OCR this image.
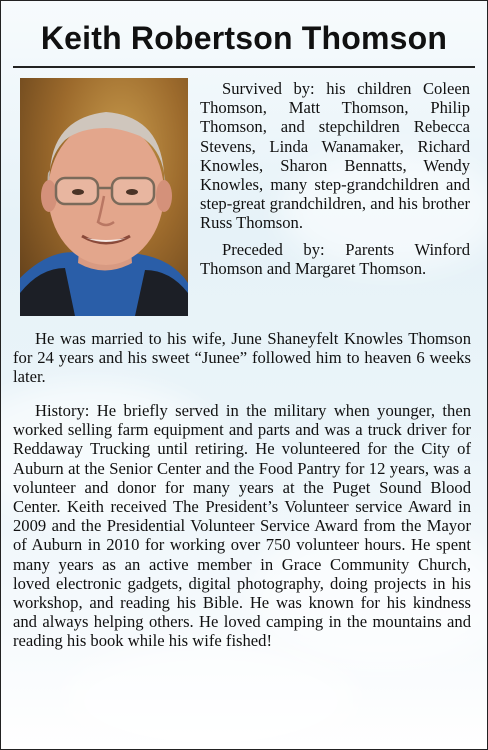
Keith Robertson Thomson

Survived by: his children Coleen Thomson, Matt Thomson, Philip Thomson, and stepchildren Rebecca Stevens, Linda Wanamaker, Richard Knowles, Sharon Bennatts, Wendy Knowles, many step-grandchildren and step-great grandchildren, and his brother Russ Thomson.

Preceded by: Parents Winford Thomson and Margaret Thomson.

He was married to his wife, June Shaneyfelt Knowles Thomson for 24 years and his sweet “Junee” followed him to heaven 6 weeks later.

History: He briefly served in the military when younger, then worked selling farm equipment and parts and was a truck driver for Reddaway Trucking until retiring. He volunteered for the City of Auburn at the Senior Center and the Food Pantry for 12 years, was a volunteer and donor for many years at the Puget Sound Blood Center. Keith received The President’s Volunteer service Award in 2009 and the Presidential Volunteer Service Award from the Mayor of Auburn in 2010 for working over 750 volunteer hours. He spent many years as an active member in Grace Community Church, loved electronic gadgets, digital photography, doing projects in his workshop, and reading his Bible. He was known for his kindness and always helping others. He loved camping in the mountains and reading his book while his wife fished!
